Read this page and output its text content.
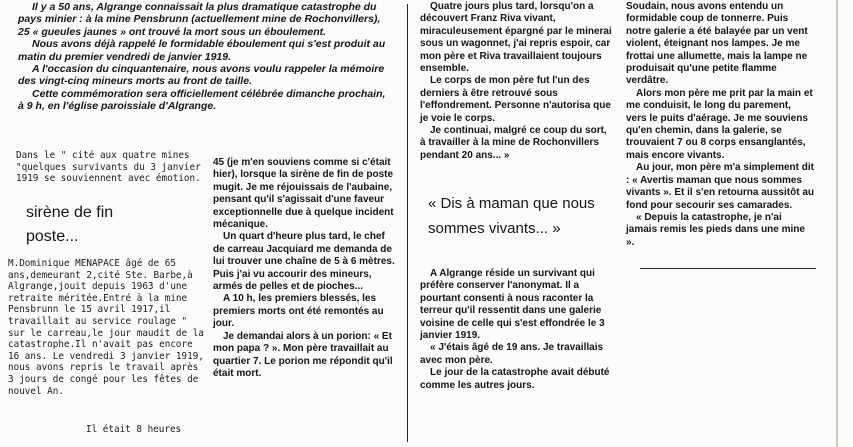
Il y a 50 ans, Algrange connaissait la plus dramatique catastrophe du pays minier : à la mine Pensbrunn (actuellement mine de Rochonvillers), 25 « gueules jaunes » ont trouvé la mort sous un éboulement.

Nous avons déjà rappelé le formidable éboulement qui s'est produit au matin du premier vendredi de janvier 1919.

A l'occasion du cinquantenaire, nous avons voulu rappeler la mémoire des vingt-cinq mineurs morts au front de taille.

Cette commémoration sera officiellement célébrée dimanche prochain, à 9 h, en l'église paroissiale d'Algrange.

Dans le " cité aux quatre mines "quelques survivants du 3 janvier 1919 se souviennent avec émotion.

sirène de fin poste...

M.Dominique MENAPACE âgé de 65 ans,demeurant 2,cité Ste. Barbe,à Algrange,jouit depuis 1963 d'une retraite méritée.Entré à la mine Pensbrunn le 15 avril 1917,il travaillait au service roulage " sur le carreau,le jour maudit de la catastrophe.Il n'avait pas encore 16 ans. Le vendredi 3 janvier 1919, nous avons repris le travail après 3 jours de congé pour les fêtes de nouvel An.

Il était 8 heures

45 (je m'en souviens comme si c'était hier), lorsque la sirène de fin de poste mugit. Je me réjouissais de l'aubaine, pensant qu'il s'agissait d'une faveur exceptionnelle due à quelque incident mécanique.

Un quart d'heure plus tard, le chef de carreau Jacquiard me demanda de lui trouver une chaîne de 5 à 6 mètres. Puis j'ai vu accourir des mineurs, armés de pelles et de pioches...

A 10 h, les premiers blessés, les premiers morts ont été remontés au jour.

Je demandai alors à un porion: « Et mon papa ? ». Mon père travaillait au quartier 7. Le porion me répondit qu'il était mort.

Quatre jours plus tard, lorsqu'on a découvert Franz Riva vivant, miraculeusement épargné par le minerai sous un wagonnet, j'ai repris espoir, car mon père et Riva travaillaient toujours ensemble.

Le corps de mon père fut l'un des derniers à être retrouvé sous l'effondrement. Personne n'autorisa que je voie le corps.

Je continuai, malgré ce coup du sort, à travailler à la mine de Rochonvillers pendant 20 ans... »

« Dis à maman que nous sommes vivants... »

A Algrange réside un survivant qui préfère conserver l'anonymat. Il a pourtant consenti à nous raconter la terreur qu'il ressentit dans une galerie voisine de celle qui s'est effondrée le 3 janvier 1919.

« J'étais âgé de 19 ans. Je travaillais avec mon père.

Le jour de la catastrophe avait débuté comme les autres jours.

Soudain, nous avons entendu un formidable coup de tonnerre. Puis notre galerie a été balayée par un vent violent, éteignant nos lampes. Je me frottai une allumette, mais la lampe ne produisait qu'une petite flamme verdâtre.

Alors mon père me prit par la main et me conduisit, le long du parement, vers le puits d'aérage. Je me souviens qu'en chemin, dans la galerie, se trouvaient 7 ou 8 corps ensanglantés, mais encore vivants.

Au jour, mon père m'a simplement dit : « Avertis maman que nous sommes vivants ». Et il s'en retourna aussitôt au fond pour secourir ses camarades.

« Depuis la catastrophe, je n'ai jamais remis les pieds dans une mine ».
